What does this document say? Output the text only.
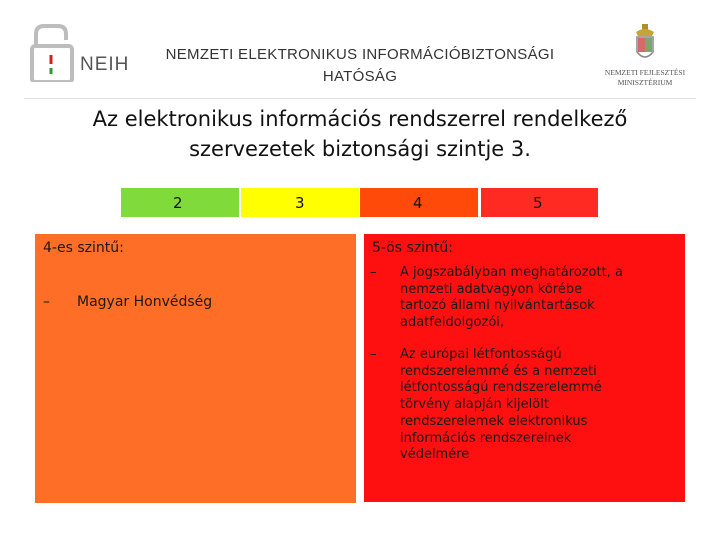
NEIH	NEMZETI ELEKTRONIKUS INFORMÁCIÓBIZTONSÁGI
HATÓSÁG	NEMZETI FEJLESZTÉSI
MINISZTÉRIUM
Az elektronikus információs rendszerrel rendelkező
szervezetek biztonsági szintje 3.
2	3	4	5
4-es szintű:
– Magyar Honvédség
5-ös szintű:
– A jogszabályban meghatározott, a
nemzeti adatvagyon körébe
tartozó állami nyilvántartások
adatfeldolgozói,
– Az európai létfontosságú
rendszerelemmé és a nemzeti
létfontosságú rendszerelemmé
törvény alapján kijelölt
rendszerelemek elektronikus
információs rendszereinek
védelmére
